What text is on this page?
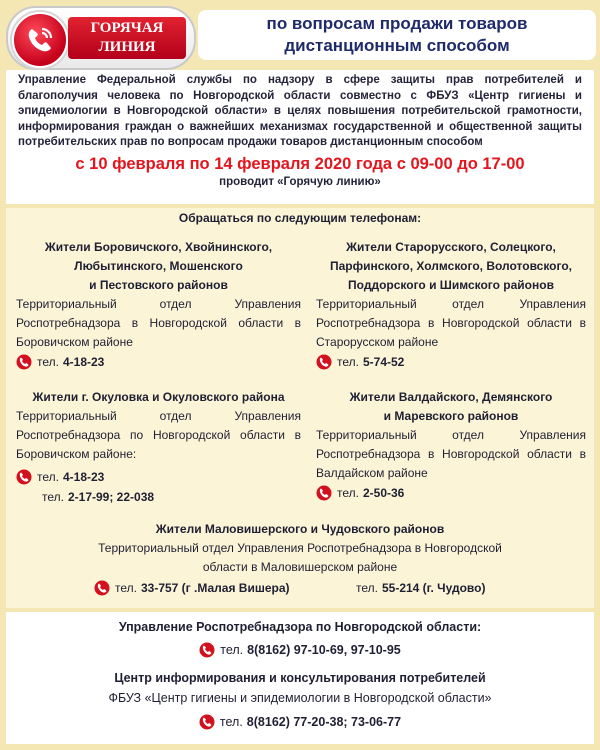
ГОРЯЧАЯ
ЛИНИЯ
по вопросам продажи товаров
дистанционным способом
Управление Федеральной службы по надзору в сфере защиты прав потребителей и благополучия человека по Новгородской области совместно с ФБУЗ «Центр гигиены и эпидемиологии в Новгородской области» в целях повышения потребительской грамотности, информирования граждан о важнейших механизмах государственной и общественной защиты потребительских прав по вопросам продажи товаров дистанционным способом
с 10 февраля по 14 февраля 2020 года с 09-00 до 17-00
проводит «Горячую линию»
Обращаться по следующим телефонам:
Жители Боровичского, Хвойнинского,
Любытинского, Мошенского
и Пестовского районов
Территориальный отдел Управления Роспотребнадзора в Новгородской области в Боровичском районе
тел. 4-18-23
Жители Старорусского, Солецкого,
Парфинского, Холмского, Волотовского,
Поддорского и Шимского районов
Территориальный отдел Управления Роспотребнадзора в Новгородской области в Старорусском районе
тел. 5-74-52
Жители г. Окуловка и Окуловского района
Территориальный отдел Управления Роспотребнадзора по Новгородской области в Боровичском районе:
тел. 4-18-23
тел. 2-17-99; 22-038
Жители Валдайского, Демянского
и Маревского районов
Территориальный отдел Управления Роспотребнадзора в Новгородской области в Валдайском районе
тел. 2-50-36
Жители Маловишерского и Чудовского районов
Территориальный отдел Управления Роспотребнадзора в Новгородской области в Маловишерском районе
тел. 33-757 (г .Малая Вишера)	тел. 55-214 (г. Чудово)
Управление Роспотребнадзора по Новгородской области:
тел. 8(8162) 97-10-69, 97-10-95
Центр информирования и консультирования потребителей
ФБУЗ «Центр гигиены и эпидемиологии в Новгородской области»
тел. 8(8162) 77-20-38; 73-06-77
